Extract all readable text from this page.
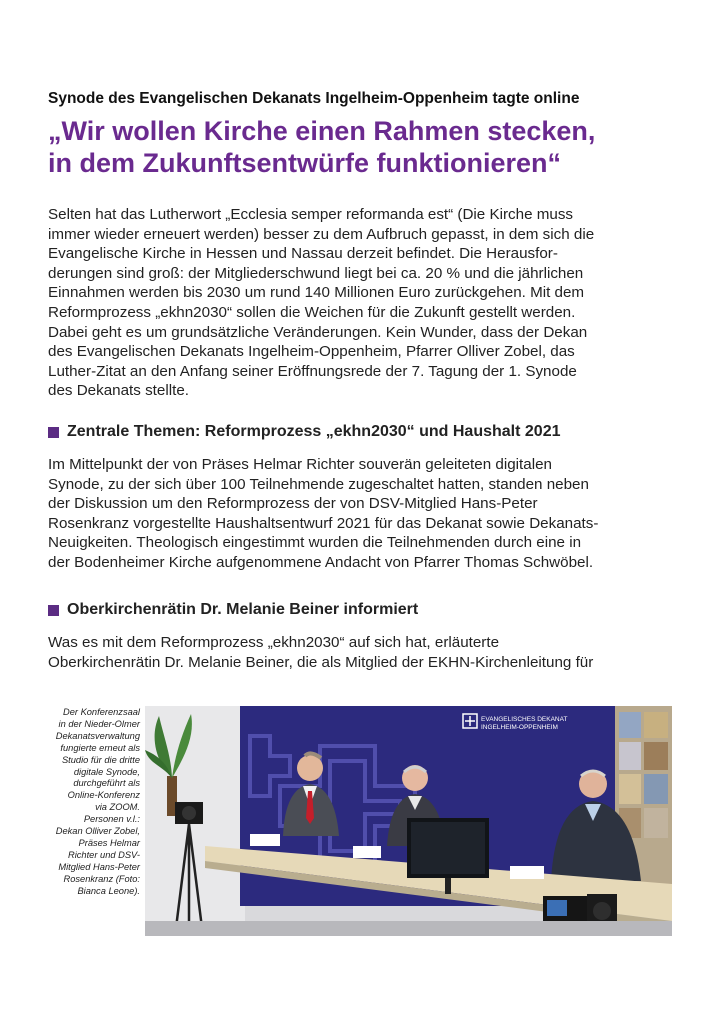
Synode des Evangelischen Dekanats Ingelheim-Oppenheim tagte online
„Wir wollen Kirche einen Rahmen stecken,
in dem Zukunftsentwürfe funktionieren“
Selten hat das Lutherwort „Ecclesia semper reformanda est“ (Die Kirche muss
immer wieder erneuert werden) besser zu dem Aufbruch gepasst, in dem sich die
Evangelische Kirche in Hessen und Nassau derzeit befindet. Die Herausfor-
derungen sind groß: der Mitgliederschwund liegt bei ca. 20 % und die jährlichen
Einnahmen werden bis 2030 um rund 140 Millionen Euro zurückgehen. Mit dem
Reformprozess „ekhn2030“ sollen die Weichen für die Zukunft gestellt werden.
Dabei geht es um grundsätzliche Veränderungen. Kein Wunder, dass der Dekan
des Evangelischen Dekanats Ingelheim-Oppenheim, Pfarrer Olliver Zobel, das
Luther-Zitat an den Anfang seiner Eröffnungsrede der 7. Tagung der 1. Synode
des Dekanats stellte.
Zentrale Themen: Reformprozess „ekhn2030“ und Haushalt 2021
Im Mittelpunkt der von Präses Helmar Richter souverän geleiteten digitalen
Synode, zu der sich über 100 Teilnehmende zugeschaltet hatten, standen neben
der Diskussion um den Reformprozess der von DSV-Mitglied Hans-Peter
Rosenkranz vorgestellte Haushaltsentwurf 2021 für das Dekanat sowie Dekanats-
Neuigkeiten. Theologisch eingestimmt wurden die Teilnehmenden durch eine in
der Bodenheimer Kirche aufgenommene Andacht von Pfarrer Thomas Schwöbel.
Oberkirchenrätin Dr. Melanie Beiner informiert
Was es mit dem Reformprozess „ekhn2030“ auf sich hat, erläuterte
Oberkirchenrätin Dr. Melanie Beiner, die als Mitglied der EKHN-Kirchenleitung für
Der Konferenzsaal
in der Nieder-Olmer
Dekanatsverwaltung
fungierte erneut als
Studio für die dritte
digitale Synode,
durchgeführt als
Online-Konferenz
via ZOOM.
Personen v.l.:
Dekan Olliver Zobel,
Präses Helmar
Richter und DSV-
Mitglied Hans-Peter
Rosenkranz (Foto:
Bianca Leone).
EVANGELISCHES DEKANAT
INGELHEIM-OPPENHEIM
